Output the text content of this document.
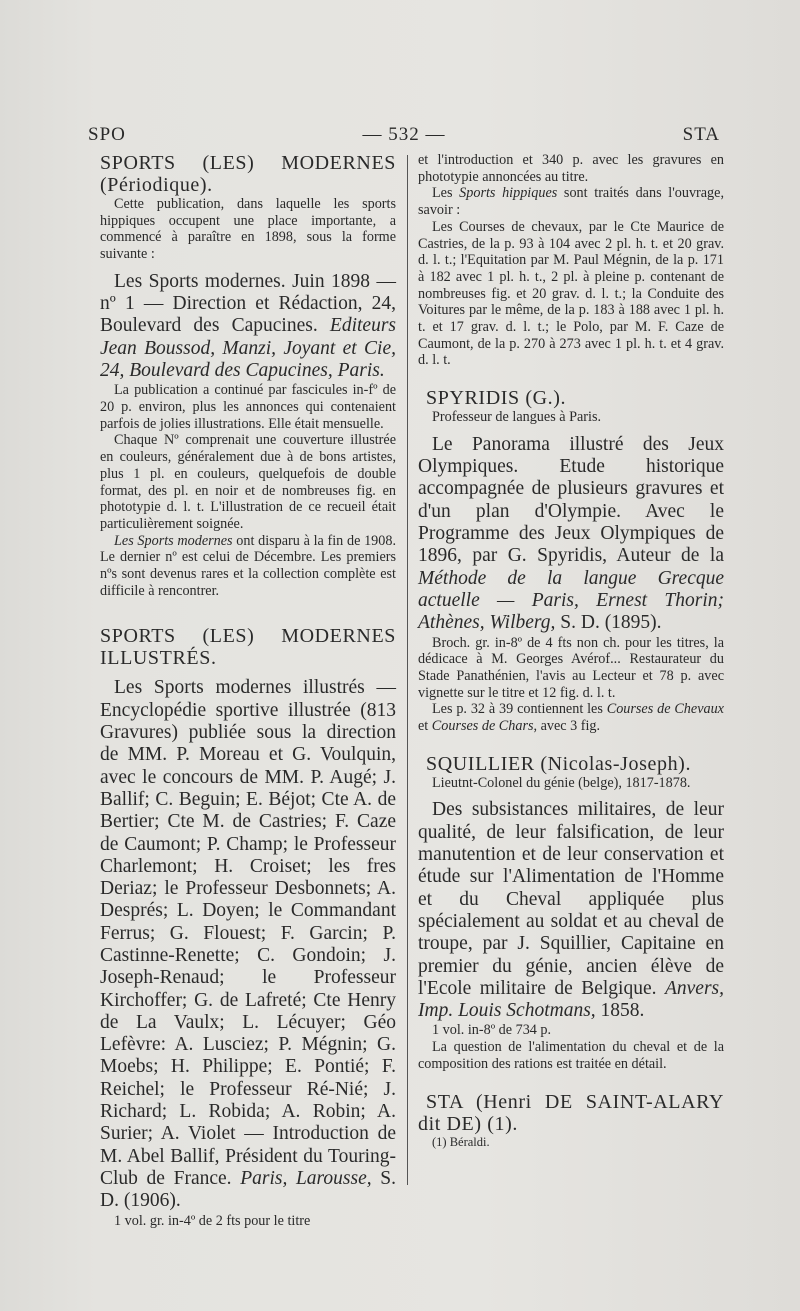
SPO	— 532 —	STA
SPORTS (LES) MODERNES (Périodique).
Cette publication, dans laquelle les sports hippiques occupent une place importante, a commencé à paraître en 1898, sous la forme suivante :
Les Sports modernes. Juin 1898 — nº 1 — Direction et Rédaction, 24, Boulevard des Capucines. Editeurs Jean Boussod, Manzi, Joyant et Cie, 24, Boulevard des Capucines, Paris.
La publication a continué par fascicules in-fº de 20 p. environ, plus les annonces qui contenaient parfois de jolies illustrations. Elle était mensuelle.
Chaque Nº comprenait une couverture illustrée en couleurs, généralement due à de bons artistes, plus 1 pl. en couleurs, quelquefois de double format, des pl. en noir et de nombreuses fig. en phototypie d. l. t. L'illustration de ce recueil était particulièrement soignée.
Les Sports modernes ont disparu à la fin de 1908. Le dernier nº est celui de Décembre. Les premiers nºs sont devenus rares et la collection complète est difficile à rencontrer.
SPORTS (LES) MODERNES ILLUSTRÉS.
Les Sports modernes illustrés — Encyclopédie sportive illustrée (813 Gravures) publiée sous la direction de MM. P. Moreau et G. Voulquin, avec le concours de MM. P. Augé; J. Ballif; C. Beguin; E. Béjot; Cte A. de Bertier; Cte M. de Castries; F. Caze de Caumont; P. Champ; le Professeur Charlemont; H. Croiset; les fres Deriaz; le Professeur Desbonnets; A. Després; L. Doyen; le Commandant Ferrus; G. Flouest; F. Garcin; P. Castinne-Renette; C. Gondoin; J. Joseph-Renaud; le Professeur Kirchoffer; G. de Lafreté; Cte Henry de La Vaulx; L. Lécuyer; Géo Lefèvre: A. Lusciez; P. Mégnin; G. Moebs; H. Philippe; E. Pontié; F. Reichel; le Professeur Ré-Nié; J. Richard; L. Robida; A. Robin; A. Surier; A. Violet — Introduction de M. Abel Ballif, Président du Touring-Club de France. Paris, Larousse, S. D. (1906).
1 vol. gr. in-4º de 2 fts pour le titre
et l'introduction et 340 p. avec les gravures en phototypie annoncées au titre.
Les Sports hippiques sont traités dans l'ouvrage, savoir :
Les Courses de chevaux, par le Cte Maurice de Castries, de la p. 93 à 104 avec 2 pl. h. t. et 20 grav. d. l. t.; l'Equitation par M. Paul Mégnin, de la p. 171 à 182 avec 1 pl. h. t., 2 pl. à pleine p. contenant de nombreuses fig. et 20 grav. d. l. t.; la Conduite des Voitures par le même, de la p. 183 à 188 avec 1 pl. h. t. et 17 grav. d. l. t.; le Polo, par M. F. Caze de Caumont, de la p. 270 à 273 avec 1 pl. h. t. et 4 grav. d. l. t.
SPYRIDIS (G.).
Professeur de langues à Paris.
Le Panorama illustré des Jeux Olympiques. Etude historique accompagnée de plusieurs gravures et d'un plan d'Olympie. Avec le Programme des Jeux Olympiques de 1896, par G. Spyridis, Auteur de la Méthode de la langue Grecque actuelle — Paris, Ernest Thorin; Athènes, Wilberg, S. D. (1895).
Broch. gr. in-8º de 4 fts non ch. pour les titres, la dédicace à M. Georges Avérof... Restaurateur du Stade Panathénien, l'avis au Lecteur et 78 p. avec vignette sur le titre et 12 fig. d. l. t.
Les p. 32 à 39 contiennent les Courses de Chevaux et Courses de Chars, avec 3 fig.
SQUILLIER (Nicolas-Joseph).
Lieutnt-Colonel du génie (belge), 1817-1878.
Des subsistances militaires, de leur qualité, de leur falsification, de leur manutention et de leur conservation et étude sur l'Alimentation de l'Homme et du Cheval appliquée plus spécialement au soldat et au cheval de troupe, par J. Squillier, Capitaine en premier du génie, ancien élève de l'Ecole militaire de Belgique. Anvers, Imp. Louis Schotmans, 1858.
1 vol. in-8º de 734 p.
La question de l'alimentation du cheval et de la composition des rations est traitée en détail.
STA (Henri DE SAINT-ALARY dit DE) (1).
(1) Béraldi.
